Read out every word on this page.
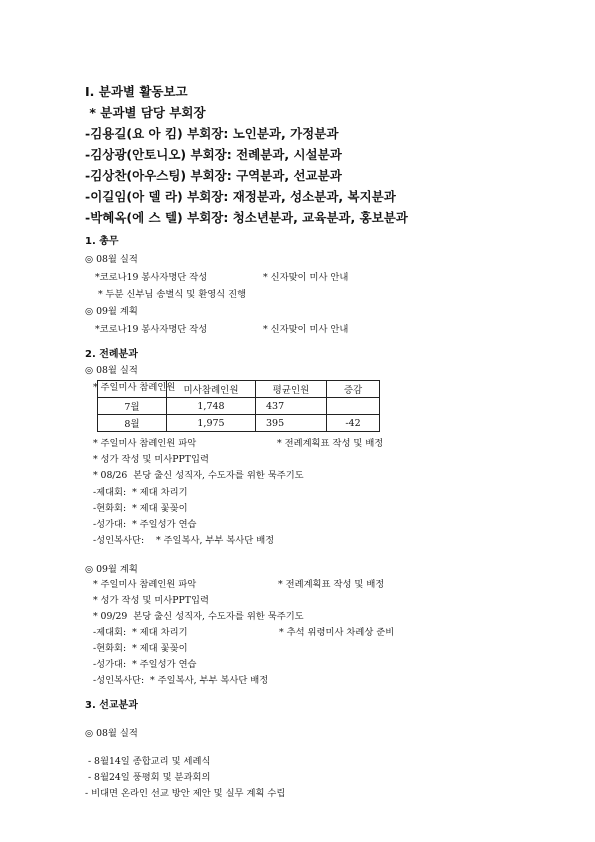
Ⅰ. 분과별 활동보고
* 분과별 담당 부회장
-김용길(요 아 킴) 부회장: 노인분과, 가정분과
-김상광(안토니오) 부회장: 전례분과, 시설분과
-김상찬(아우스팅) 부회장: 구역분과, 선교분과
-이길임(아 델 라) 부회장: 재정분과, 성소분과, 복지분과
-박혜옥(에 스 텔) 부회장: 청소년분과, 교육분과, 홍보분과
1. 총무
◎ 08월 실적
*코로나19 봉사자명단 작성	* 신자맞이 미사 안내
* 두분 신부님 송별식 및 환영식 진행
◎ 09월 계획
*코로나19 봉사자명단 작성	* 신자맞이 미사 안내
2. 전례분과
◎ 08월 실적
* 주일미사 참례인원
	미사참례인원	평균인원	증감
7월	1,748	437	
8월	1,975	395	-42
* 주일미사 참례인원 파악	* 전례계획표 작성 및 배정
* 성가 작성 및 미사PPT입력
* 08/26  본당 출신 성직자, 수도자를 위한 묵주기도
-제대회:  * 제대 차리기
-현화회:  * 제대 꽃꽂이
-성가대:  * 주일성가 연습
-성인복사단:    * 주일복사, 부부 복사단 배정
◎ 09월 계획
* 주일미사 참례인원 파악	* 전례계획표 작성 및 배정
* 성가 작성 및 미사PPT입력
* 09/29  본당 출신 성직자, 수도자를 위한 묵주기도
-제대회:  * 제대 차리기	* 추석 위령미사 차례상 준비
-현화회:  * 제대 꽃꽂이
-성가대:  * 주일성가 연습
-성인복사단:  * 주일복사, 부부 복사단 배정
3. 선교분과
◎ 08월 실적
- 8월14일 종합교리 및 세례식
- 8월24일 풍평회 및 분과회의
- 비대면 온라인 선교 방안 제안 및 실무 계획 수립
